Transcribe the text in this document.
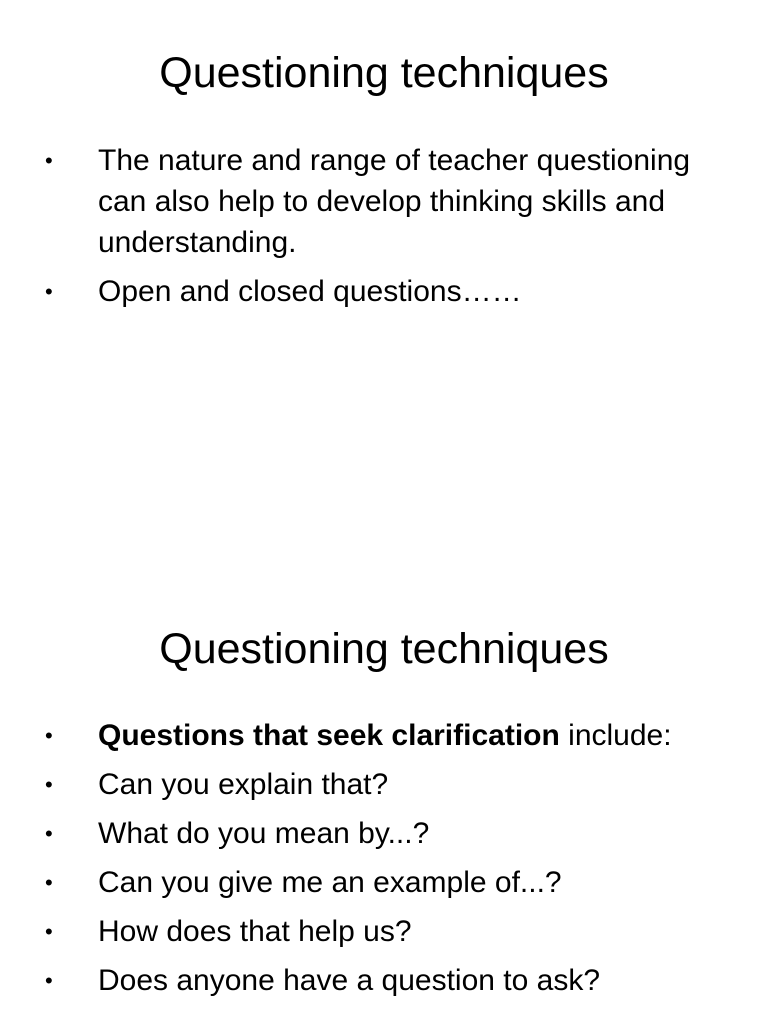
Questioning techniques
• The nature and range of teacher questioning can also help to develop thinking skills and understanding.
• Open and closed questions……
Questioning techniques
• Questions that seek clarification include:
• Can you explain that?
• What do you mean by...?
• Can you give me an example of...?
• How does that help us?
• Does anyone have a question to ask?
